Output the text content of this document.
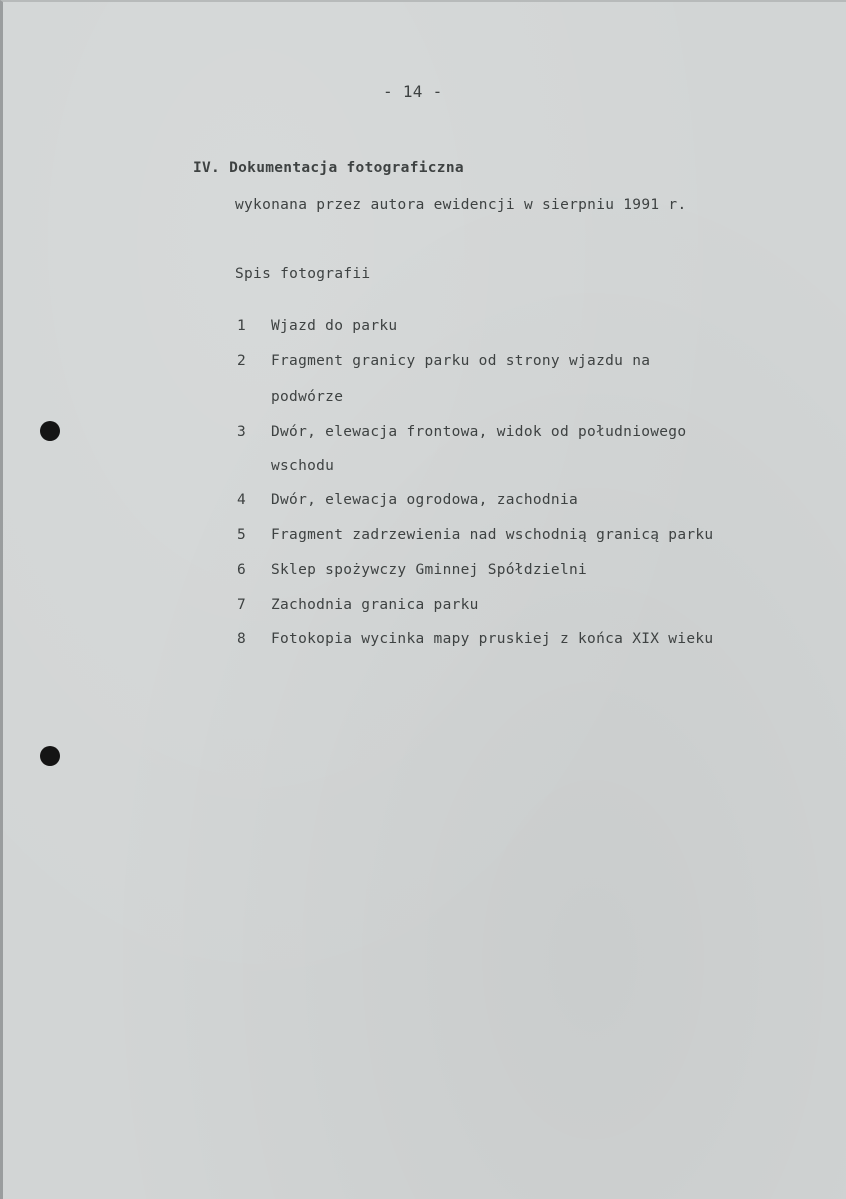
- 14 -
IV. Dokumentacja fotograficzna
wykonana przez autora ewidencji w sierpniu 1991 r.
Spis fotografii
1 Wjazd do parku
2 Fragment granicy parku od strony wjazdu na
podwórze
3 Dwór, elewacja frontowa, widok od południowego
wschodu
4 Dwór, elewacja ogrodowa, zachodnia
5 Fragment zadrzewienia nad wschodnią granicą parku
6 Sklep spożywczy Gminnej Spółdzielni
7 Zachodnia granica parku
8 Fotokopia wycinka mapy pruskiej z końca XIX wieku
